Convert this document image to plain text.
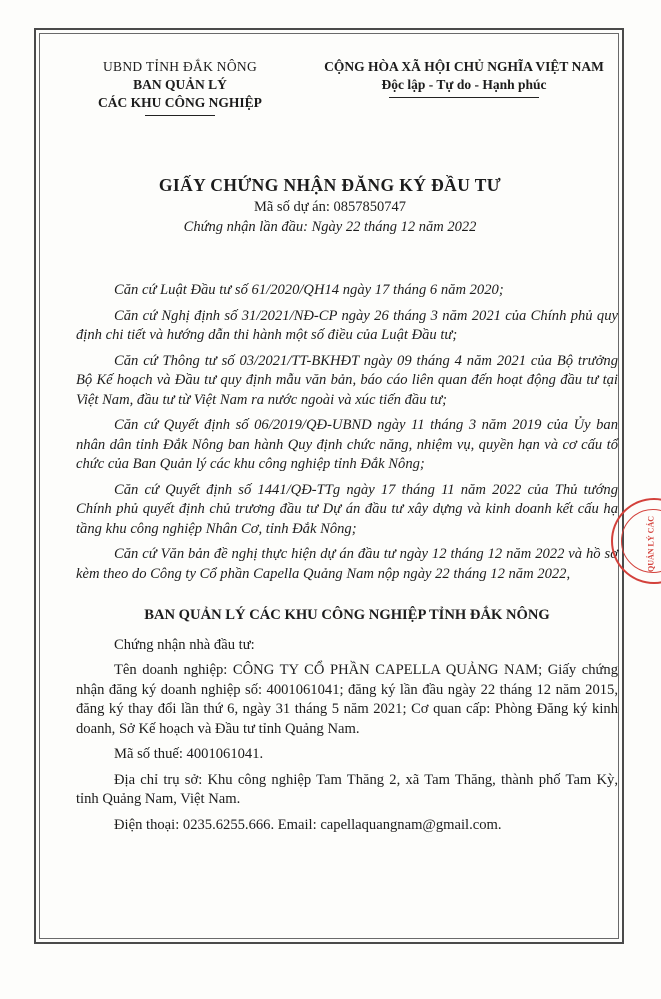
UBND TỈNH ĐẮK NÔNG
BAN QUẢN LÝ
CÁC KHU CÔNG NGHIỆP
CỘNG HÒA XÃ HỘI CHỦ NGHĨA VIỆT NAM
Độc lập - Tự do - Hạnh phúc
GIẤY CHỨNG NHẬN ĐĂNG KÝ ĐẦU TƯ
Mã số dự án: 0857850747
Chứng nhận lần đầu: Ngày 22 tháng 12 năm 2022

Căn cứ Luật Đầu tư số 61/2020/QH14 ngày 17 tháng 6 năm 2020;

Căn cứ Nghị định số 31/2021/NĐ-CP ngày 26 tháng 3 năm 2021 của Chính phủ quy định chi tiết và hướng dẫn thi hành một số điều của Luật Đầu tư;

Căn cứ Thông tư số 03/2021/TT-BKHĐT ngày 09 tháng 4 năm 2021 của Bộ trưởng Bộ Kế hoạch và Đầu tư quy định mẫu văn bản, báo cáo liên quan đến hoạt động đầu tư tại Việt Nam, đầu tư từ Việt Nam ra nước ngoài và xúc tiến đầu tư;

Căn cứ Quyết định số 06/2019/QĐ-UBND ngày 11 tháng 3 năm 2019 của Ủy ban nhân dân tỉnh Đắk Nông ban hành Quy định chức năng, nhiệm vụ, quyền hạn và cơ cấu tổ chức của Ban Quản lý các khu công nghiệp tỉnh Đắk Nông;

Căn cứ Quyết định số 1441/QĐ-TTg ngày 17 tháng 11 năm 2022 của Thủ tướng Chính phủ quyết định chủ trương đầu tư Dự án đầu tư xây dựng và kinh doanh kết cấu hạ tầng khu công nghiệp Nhân Cơ, tỉnh Đắk Nông;

Căn cứ Văn bản đề nghị thực hiện dự án đầu tư ngày 12 tháng 12 năm 2022 và hồ sơ kèm theo do Công ty Cổ phần Capella Quảng Nam nộp ngày 22 tháng 12 năm 2022,

BAN QUẢN LÝ CÁC KHU CÔNG NGHIỆP TỈNH ĐẮK NÔNG

Chứng nhận nhà đầu tư:

Tên doanh nghiệp: CÔNG TY CỔ PHẦN CAPELLA QUẢNG NAM; Giấy chứng nhận đăng ký doanh nghiệp số: 4001061041; đăng ký lần đầu ngày 22 tháng 12 năm 2015, đăng ký thay đổi lần thứ 6, ngày 31 tháng 5 năm 2021; Cơ quan cấp: Phòng Đăng ký kinh doanh, Sở Kế hoạch và Đầu tư tỉnh Quảng Nam.

Mã số thuế: 4001061041.

Địa chỉ trụ sở: Khu công nghiệp Tam Thăng 2, xã Tam Thăng, thành phố Tam Kỳ, tỉnh Quảng Nam, Việt Nam.

Điện thoại: 0235.6255.666. Email: capellaquangnam@gmail.com.

QUẢN LÝ CÁC
